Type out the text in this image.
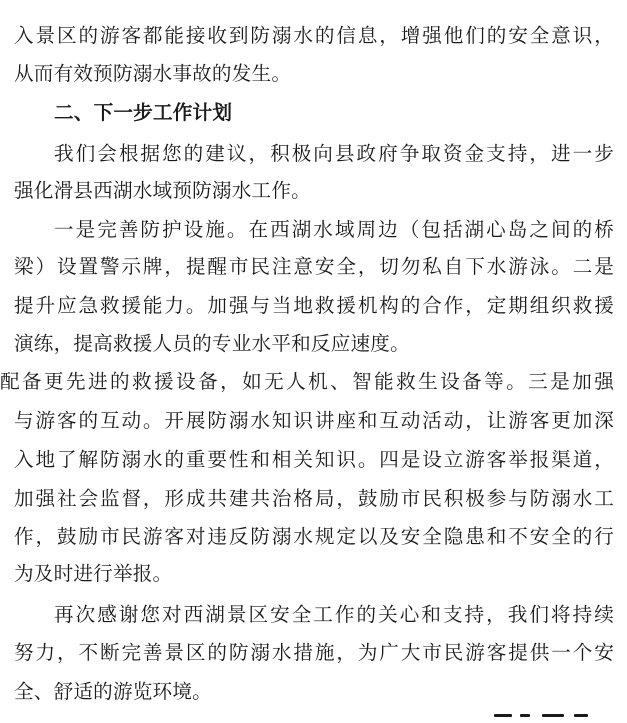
入景区的游客都能接收到防溺水的信息，增强他们的安全意识，
从而有效预防溺水事故的发生。
二、下一步工作计划
我们会根据您的建议，积极向县政府争取资金支持，进一步
强化滑县西湖水域预防溺水工作。
一是完善防护设施。在西湖水域周边（包括湖心岛之间的桥
梁）设置警示牌，提醒市民注意安全，切勿私自下水游泳。二是
提升应急救援能力。加强与当地救援机构的合作，定期组织救援
演练，提高救援人员的专业水平和反应速度。
配备更先进的救援设备，如无人机、智能救生设备等。三是加强
与游客的互动。开展防溺水知识讲座和互动活动，让游客更加深
入地了解防溺水的重要性和相关知识。四是设立游客举报渠道，
加强社会监督，形成共建共治格局，鼓励市民积极参与防溺水工
作，鼓励市民游客对违反防溺水规定以及安全隐患和不安全的行
为及时进行举报。
再次感谢您对西湖景区安全工作的关心和支持，我们将持续
努力，不断完善景区的防溺水措施，为广大市民游客提供一个安
全、舒适的游览环境。
